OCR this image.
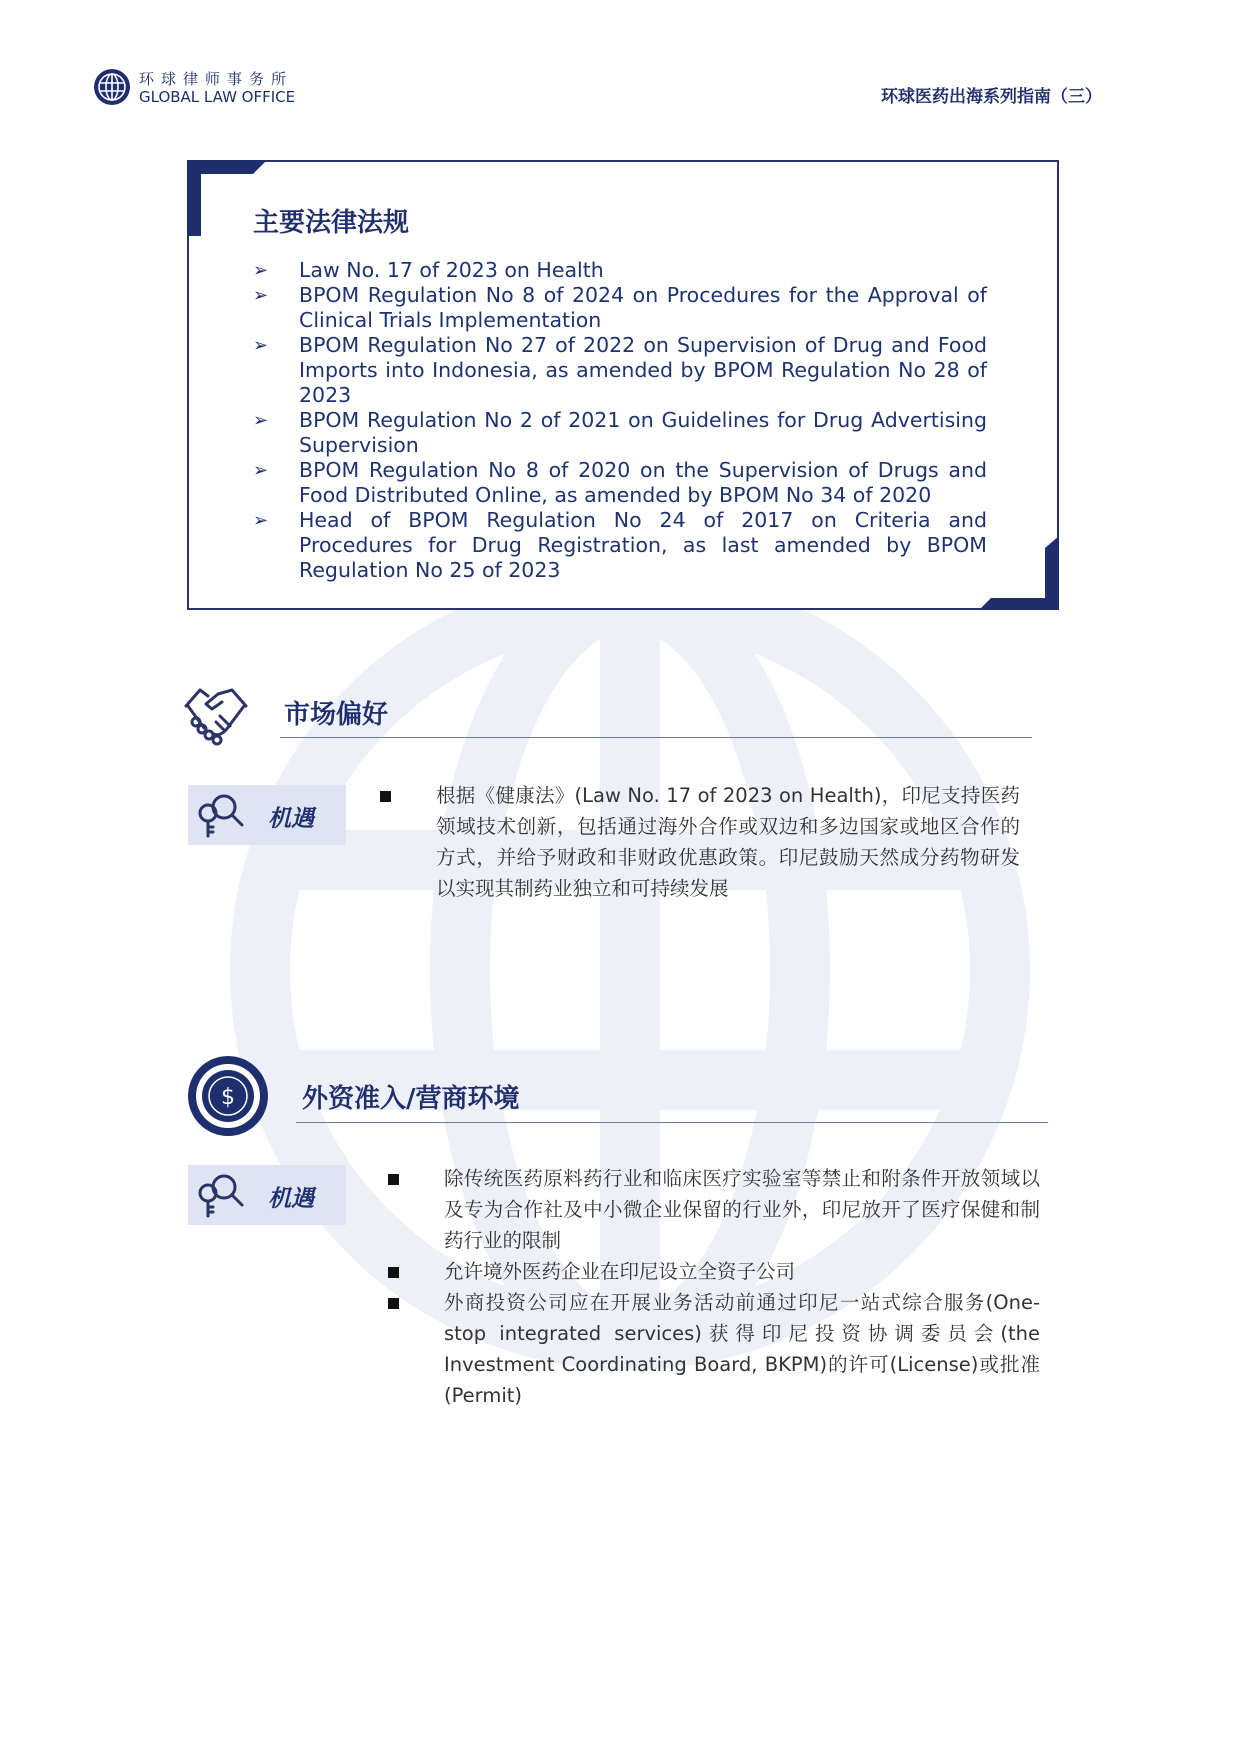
环球律师事务所
GLOBAL LAW OFFICE	环球医药出海系列指南（三）
主要法律法规
➢ Law No. 17 of 2023 on Health
➢ BPOM Regulation No 8 of 2024 on Procedures for the Approval of Clinical Trials Implementation
➢ BPOM Regulation No 27 of 2022 on Supervision of Drug and Food Imports into Indonesia, as amended by BPOM Regulation No 28 of 2023
➢ BPOM Regulation No 2 of 2021 on Guidelines for Drug Advertising Supervision
➢ BPOM Regulation No 8 of 2020 on the Supervision of Drugs and Food Distributed Online, as amended by BPOM No 34 of 2020
➢ Head of BPOM Regulation No 24 of 2017 on Criteria and Procedures for Drug Registration, as last amended by BPOM Regulation No 25 of 2023
市场偏好
机遇
根据《健康法》(Law No. 17 of 2023 on Health)，印尼支持医药领域技术创新，包括通过海外合作或双边和多边国家或地区合作的方式，并给予财政和非财政优惠政策。印尼鼓励天然成分药物研发以实现其制药业独立和可持续发展
$	外资准入/营商环境
机遇
除传统医药原料药行业和临床医疗实验室等禁止和附条件开放领域以及专为合作社及中小微企业保留的行业外，印尼放开了医疗保健和制药行业的限制
允许境外医药企业在印尼设立全资子公司
外商投资公司应在开展业务活动前通过印尼一站式综合服务(One-stop integrated services)获得印尼投资协调委员会(the Investment Coordinating Board, BKPM)的许可(License)或批准(Permit)
